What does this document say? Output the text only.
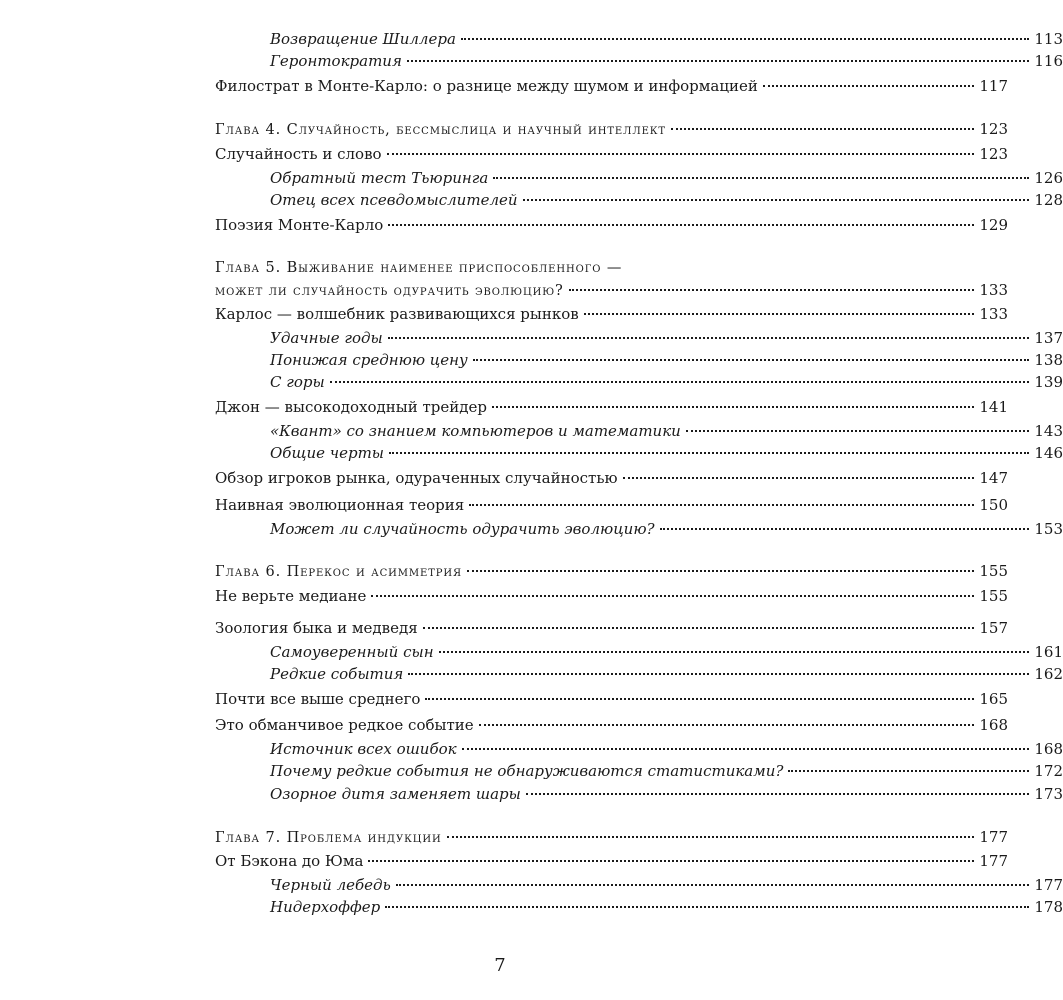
Возвращение Шиллера	113
Геронтократия	116
Филострат в Монте-Карло: о разнице между шумом и информацией	117
Глава 4. Случайность, бессмыслица и научный интеллект	123
Случайность и слово	123
Обратный тест Тьюринга	126
Отец всех псевдомыслителей	128
Поэзия Монте-Карло	129
Глава 5. Выживание наименее приспособленного —
может ли случайность одурачить эволюцию?	133
Карлос — волшебник развивающихся рынков	133
Удачные годы	137
Понижая среднюю цену	138
С горы	139
Джон — высокодоходный трейдер	141
«Квант» со знанием компьютеров и математики	143
Общие черты	146
Обзор игроков рынка, одураченных случайностью	147
Наивная эволюционная теория	150
Может ли случайность одурачить эволюцию?	153
Глава 6. Перекос и асимметрия	155
Не верьте медиане	155
Зоология быка и медведя	157
Самоуверенный сын	161
Редкие события	162
Почти все выше среднего	165
Это обманчивое редкое событие	168
Источник всех ошибок	168
Почему редкие события не обнаруживаются статистиками?	172
Озорное дитя заменяет шары	173
Глава 7. Проблема индукции	177
От Бэкона до Юма	177
Черный лебедь	177
Нидерхоффер	178
7
